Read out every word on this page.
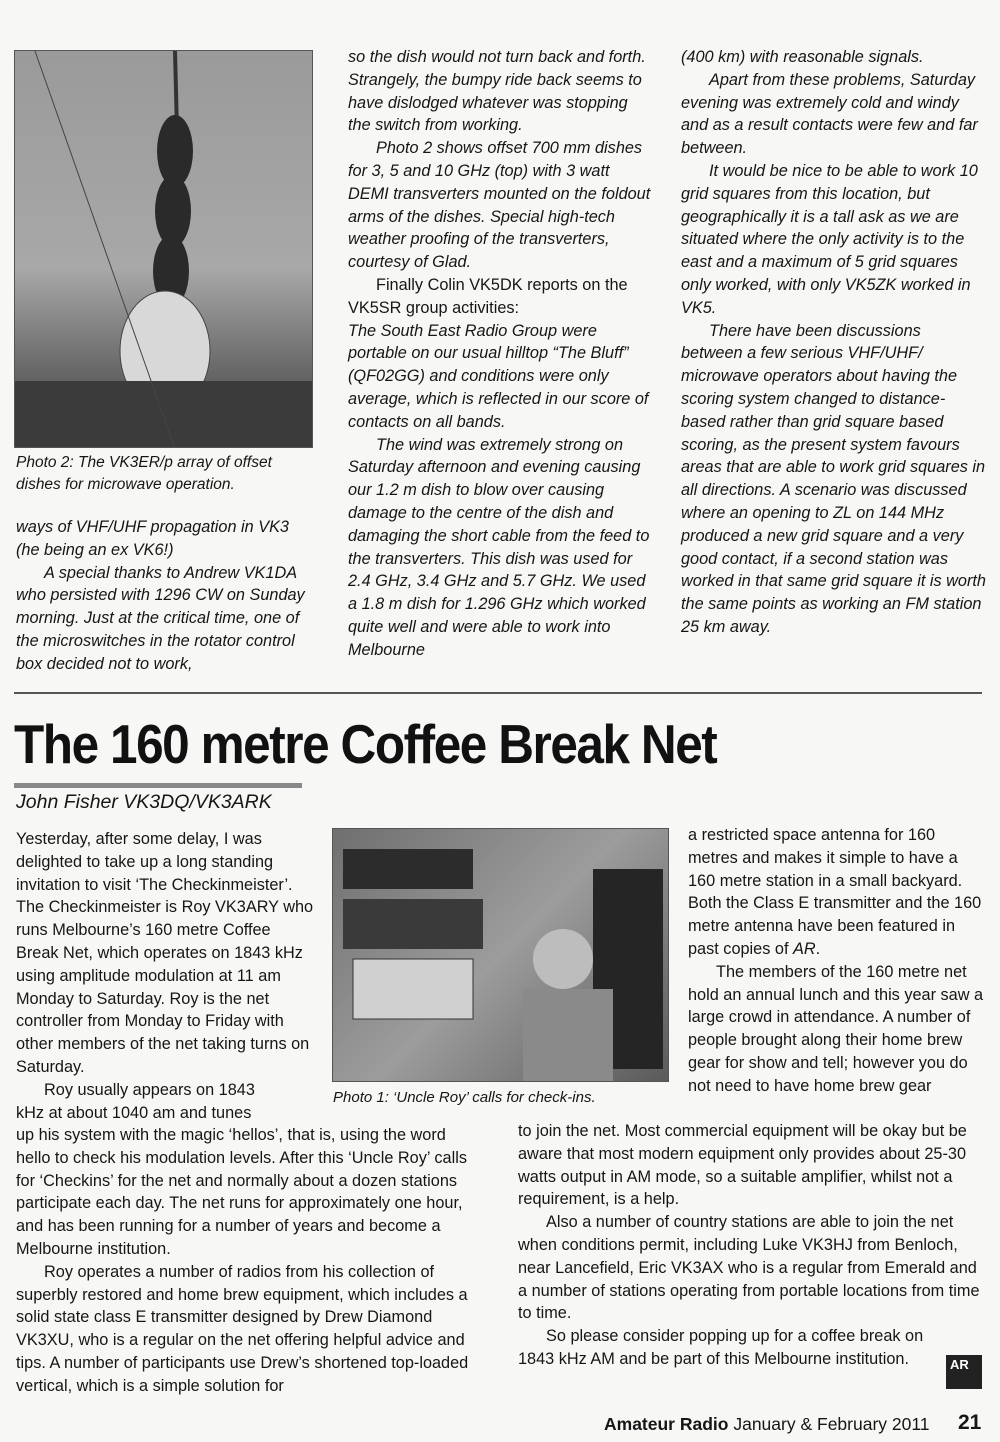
Photo 2: The VK3ER/p array of offset dishes for microwave operation.

ways of VHF/UHF propagation in VK3 (he being an ex VK6!)

A special thanks to Andrew VK1DA who persisted with 1296 CW on Sunday morning. Just at the critical time, one of the microswitches in the rotator control box decided not to work,

so the dish would not turn back and forth. Strangely, the bumpy ride back seems to have dislodged whatever was stopping the switch from working.

Photo 2 shows offset 700 mm dishes for 3, 5 and 10 GHz (top) with 3 watt DEMI transverters mounted on the foldout arms of the dishes. Special high-tech weather proofing of the transverters, courtesy of Glad.

Finally Colin VK5DK reports on the VK5SR group activities:

The South East Radio Group were portable on our usual hilltop “The Bluff” (QF02GG) and conditions were only average, which is reflected in our score of contacts on all bands.

The wind was extremely strong on Saturday afternoon and evening causing our 1.2 m dish to blow over causing damage to the centre of the dish and damaging the short cable from the feed to the transverters. This dish was used for 2.4 GHz, 3.4 GHz and 5.7 GHz. We used a 1.8 m dish for 1.296 GHz which worked quite well and were able to work into Melbourne

(400 km) with reasonable signals.

Apart from these problems, Saturday evening was extremely cold and windy and as a result contacts were few and far between.

It would be nice to be able to work 10 grid squares from this location, but geographically it is a tall ask as we are situated where the only activity is to the east and a maximum of 5 grid squares only worked, with only VK5ZK worked in VK5.

There have been discussions between a few serious VHF/UHF/ microwave operators about having the scoring system changed to distance-based rather than grid square based scoring, as the present system favours areas that are able to work grid squares in all directions. A scenario was discussed where an opening to ZL on 144 MHz produced a new grid square and a very good contact, if a second station was worked in that same grid square it is worth the same points as working an FM station 25 km away.

The 160 metre Coffee Break Net
John Fisher VK3DQ/VK3ARK
Photo 1: ‘Uncle Roy’ calls for check-ins.

Yesterday, after some delay, I was delighted to take up a long standing invitation to visit ‘The Checkinmeister’. The Checkinmeister is Roy VK3ARY who runs Melbourne’s 160 metre Coffee Break Net, which operates on 1843 kHz using amplitude modulation at 11 am Monday to Saturday. Roy is the net controller from Monday to Friday with other members of the net taking turns on Saturday.

Roy usually appears on 1843 kHz at about 1040 am and tunes

up his system with the magic ‘hellos’, that is, using the word hello to check his modulation levels. After this ‘Uncle Roy’ calls for ‘Checkins’ for the net and normally about a dozen stations participate each day. The net runs for approximately one hour, and has been running for a number of years and become a Melbourne institution.

Roy operates a number of radios from his collection of superbly restored and home brew equipment, which includes a solid state class E transmitter designed by Drew Diamond VK3XU, who is a regular on the net offering helpful advice and tips. A number of participants use Drew’s shortened top-loaded vertical, which is a simple solution for

a restricted space antenna for 160 metres and makes it simple to have a 160 metre station in a small backyard. Both the Class E transmitter and the 160 metre antenna have been featured in past copies of AR.

The members of the 160 metre net hold an annual lunch and this year saw a large crowd in attendance. A number of people brought along their home brew gear for show and tell; however you do not need to have home brew gear

to join the net. Most commercial equipment will be okay but be aware that most modern equipment only provides about 25-30 watts output in AM mode, so a suitable amplifier, whilst not a requirement, is a help.

Also a number of country stations are able to join the net when conditions permit, including Luke VK3HJ from Benloch, near Lancefield, Eric VK3AX who is a regular from Emerald and a number of stations operating from portable locations from time to time.

So please consider popping up for a coffee break on 1843 kHz AM and be part of this Melbourne institution.	AR
Amateur Radio January & February 2011 21
